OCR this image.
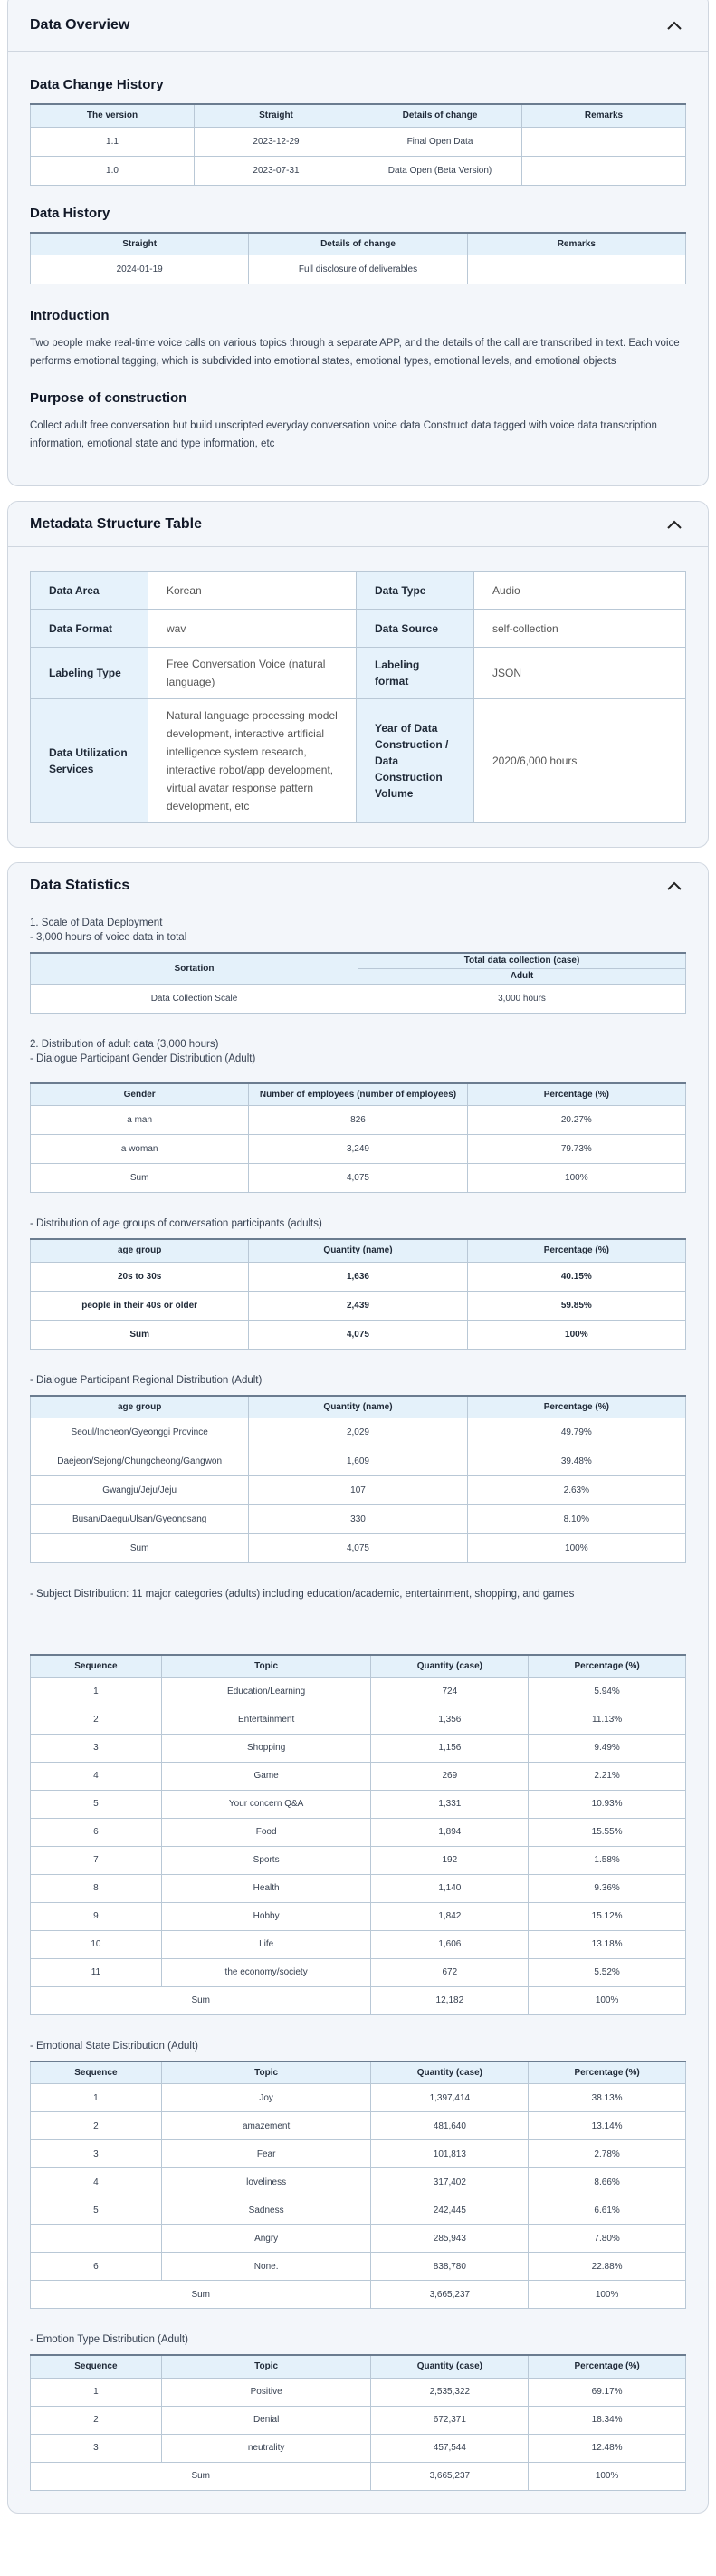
Data Overview
Data Change History
The version	Straight	Details of change	Remarks
1.1	2023-12-29	Final Open Data	
1.0	2023-07-31	Data Open (Beta Version)	
Data History
Straight	Details of change	Remarks
2024-01-19	Full disclosure of deliverables	
Introduction
Two people make real-time voice calls on various topics through a separate APP, and the details of the call are transcribed in text. Each voice performs emotional tagging, which is subdivided into emotional states, emotional types, emotional levels, and emotional objects
Purpose of construction
Collect adult free conversation but build unscripted everyday conversation voice data Construct data tagged with voice data transcription information, emotional state and type information, etc
Metadata Structure Table
Data Area	Korean	Data Type	Audio
Data Format	wav	Data Source	self-collection
Labeling Type	Free Conversation Voice (natural language)	Labeling format	JSON
Data Utilization Services	Natural language processing model development, interactive artificial intelligence system research, interactive robot/app development, virtual avatar response pattern development, etc	Year of Data Construction / Data Construction Volume	2020/6,000 hours
Data Statistics
1. Scale of Data Deployment
- 3,000 hours of voice data in total
Sortation	Total data collection (case)
	Adult
Data Collection Scale	3,000 hours
2. Distribution of adult data (3,000 hours)
- Dialogue Participant Gender Distribution (Adult)
Gender	Number of employees (number of employees)	Percentage (%)
a man	826	20.27%
a woman	3,249	79.73%
Sum	4,075	100%
- Distribution of age groups of conversation participants (adults)
age group	Quantity (name)	Percentage (%)
20s to 30s	1,636	40.15%
people in their 40s or older	2,439	59.85%
Sum	4,075	100%
- Dialogue Participant Regional Distribution (Adult)
age group	Quantity (name)	Percentage (%)
Seoul/Incheon/Gyeonggi Province	2,029	49.79%
Daejeon/Sejong/Chungcheong/Gangwon	1,609	39.48%
Gwangju/Jeju/Jeju	107	2.63%
Busan/Daegu/Ulsan/Gyeongsang	330	8.10%
Sum	4,075	100%
- Subject Distribution: 11 major categories (adults) including education/academic, entertainment, shopping, and games
Sequence	Topic	Quantity (case)	Percentage (%)
1	Education/Learning	724	5.94%
2	Entertainment	1,356	11.13%
3	Shopping	1,156	9.49%
4	Game	269	2.21%
5	Your concern Q&A	1,331	10.93%
6	Food	1,894	15.55%
7	Sports	192	1.58%
8	Health	1,140	9.36%
9	Hobby	1,842	15.12%
10	Life	1,606	13.18%
11	the economy/society	672	5.52%
Sum		12,182	100%
- Emotional State Distribution (Adult)
Sequence	Topic	Quantity (case)	Percentage (%)
1	Joy	1,397,414	38.13%
2	amazement	481,640	13.14%
3	Fear	101,813	2.78%
4	loveliness	317,402	8.66%
5	Sadness	242,445	6.61%
	Angry	285,943	7.80%
6	None.	838,780	22.88%
Sum		3,665,237	100%
- Emotion Type Distribution (Adult)
Sequence	Topic	Quantity (case)	Percentage (%)
1	Positive	2,535,322	69.17%
2	Denial	672,371	18.34%
3	neutrality	457,544	12.48%
Sum		3,665,237	100%
